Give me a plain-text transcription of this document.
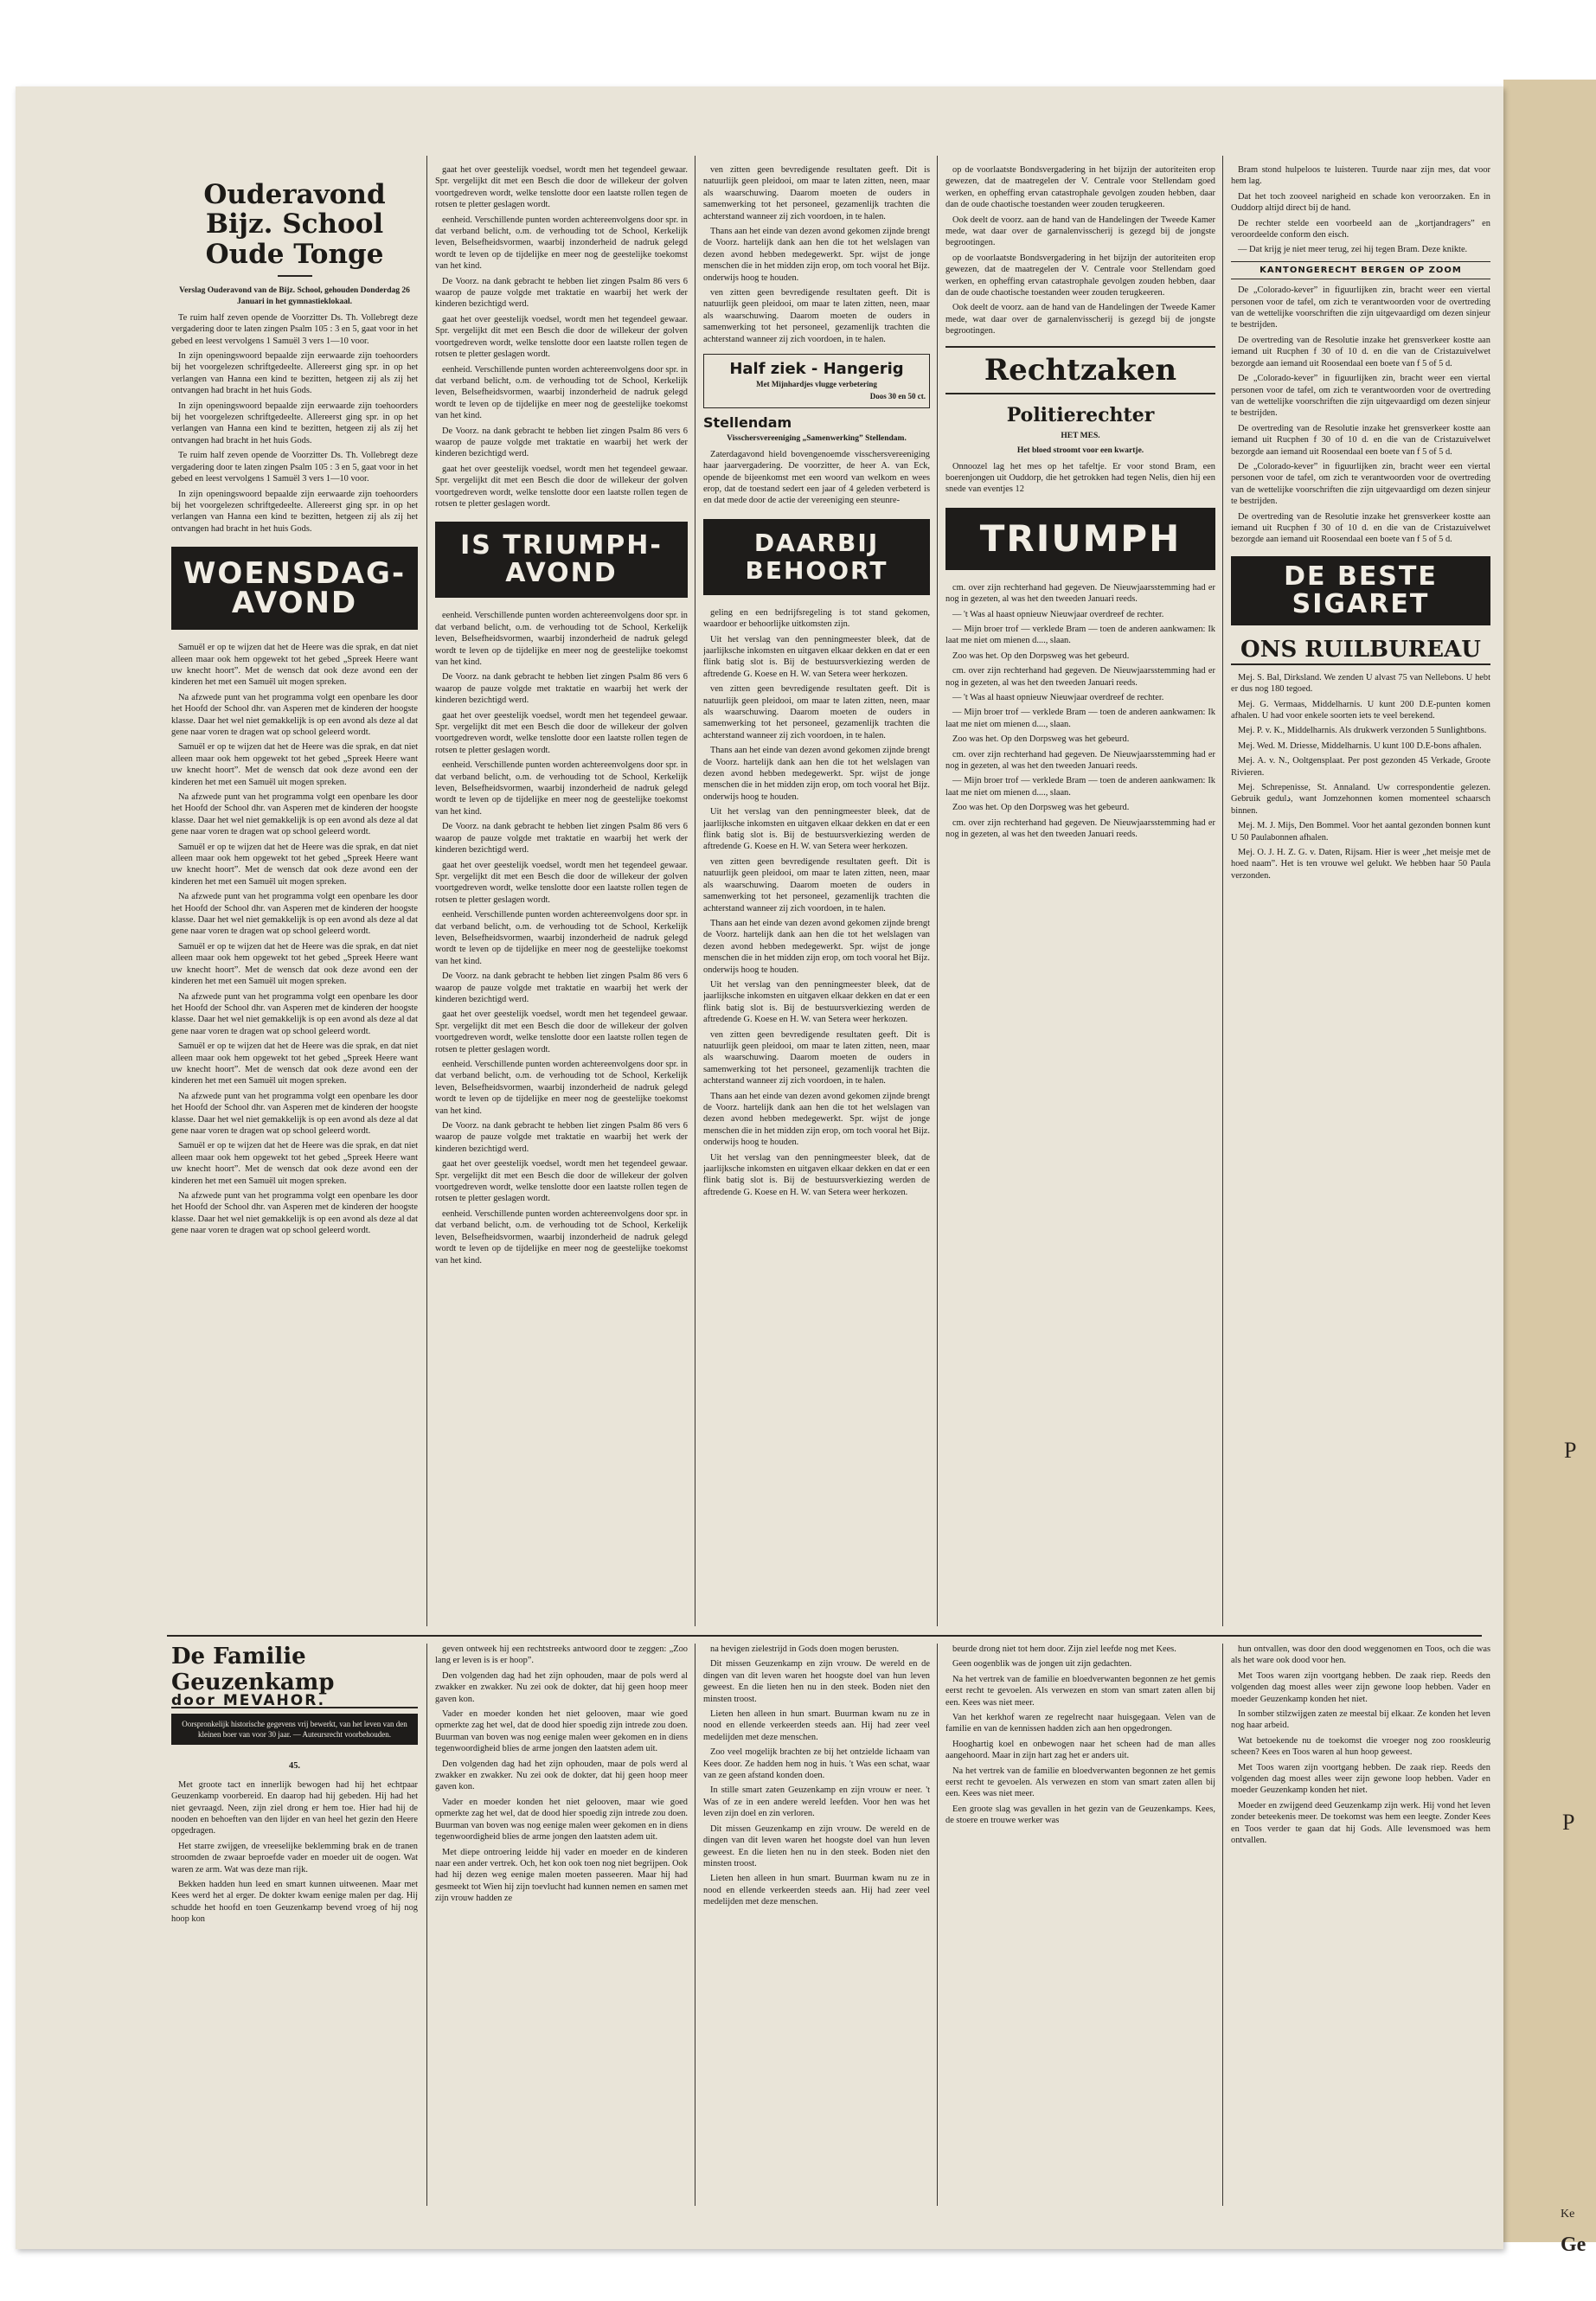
P
P
Ke
Ge
Ouderavond Bijz. School
Oude Tonge
Verslag Ouderavond van de Bijz. School, gehouden Donderdag 26 Januari in het gymnastieklokaal.

Te ruim half zeven opende de Voorzitter Ds. Th. Vollebregt deze vergadering door te laten zingen Psalm 105 : 3 en 5, gaat voor in het gebed en leest vervolgens 1 Samuël 3 vers 1—10 voor.

In zijn openingswoord bepaalde zijn eerwaarde zijn toehoorders bij het voorgelezen schriftgedeelte. Allereerst ging spr. in op het verlangen van Hanna een kind te bezitten, hetgeen zij als zij het ontvangen had bracht in het huis Gods.

In zijn openingswoord bepaalde zijn eerwaarde zijn toehoorders bij het voorgelezen schriftgedeelte. Allereerst ging spr. in op het verlangen van Hanna een kind te bezitten, hetgeen zij als zij het ontvangen had bracht in het huis Gods.

Te ruim half zeven opende de Voorzitter Ds. Th. Vollebregt deze vergadering door te laten zingen Psalm 105 : 3 en 5, gaat voor in het gebed en leest vervolgens 1 Samuël 3 vers 1—10 voor.

In zijn openingswoord bepaalde zijn eerwaarde zijn toehoorders bij het voorgelezen schriftgedeelte. Allereerst ging spr. in op het verlangen van Hanna een kind te bezitten, hetgeen zij als zij het ontvangen had bracht in het huis Gods.

WOENSDAG-AVOND

Samuël er op te wijzen dat het de Heere was die sprak, en dat niet alleen maar ook hem opgewekt tot het gebed „Spreek Heere want uw knecht hoort”. Met de wensch dat ook deze avond een der kinderen het met een Samuël uit mogen spreken.

Na afzwede punt van het programma volgt een openbare les door het Hoofd der School dhr. van Asperen met de kinderen der hoogste klasse. Daar het wel niet gemakkelijk is op een avond als deze al dat gene naar voren te dragen wat op school geleerd wordt.

Samuël er op te wijzen dat het de Heere was die sprak, en dat niet alleen maar ook hem opgewekt tot het gebed „Spreek Heere want uw knecht hoort”. Met de wensch dat ook deze avond een der kinderen het met een Samuël uit mogen spreken.

Na afzwede punt van het programma volgt een openbare les door het Hoofd der School dhr. van Asperen met de kinderen der hoogste klasse. Daar het wel niet gemakkelijk is op een avond als deze al dat gene naar voren te dragen wat op school geleerd wordt.

Samuël er op te wijzen dat het de Heere was die sprak, en dat niet alleen maar ook hem opgewekt tot het gebed „Spreek Heere want uw knecht hoort”. Met de wensch dat ook deze avond een der kinderen het met een Samuël uit mogen spreken.

Na afzwede punt van het programma volgt een openbare les door het Hoofd der School dhr. van Asperen met de kinderen der hoogste klasse. Daar het wel niet gemakkelijk is op een avond als deze al dat gene naar voren te dragen wat op school geleerd wordt.

Samuël er op te wijzen dat het de Heere was die sprak, en dat niet alleen maar ook hem opgewekt tot het gebed „Spreek Heere want uw knecht hoort”. Met de wensch dat ook deze avond een der kinderen het met een Samuël uit mogen spreken.

Na afzwede punt van het programma volgt een openbare les door het Hoofd der School dhr. van Asperen met de kinderen der hoogste klasse. Daar het wel niet gemakkelijk is op een avond als deze al dat gene naar voren te dragen wat op school geleerd wordt.

Samuël er op te wijzen dat het de Heere was die sprak, en dat niet alleen maar ook hem opgewekt tot het gebed „Spreek Heere want uw knecht hoort”. Met de wensch dat ook deze avond een der kinderen het met een Samuël uit mogen spreken.

Na afzwede punt van het programma volgt een openbare les door het Hoofd der School dhr. van Asperen met de kinderen der hoogste klasse. Daar het wel niet gemakkelijk is op een avond als deze al dat gene naar voren te dragen wat op school geleerd wordt.

Samuël er op te wijzen dat het de Heere was die sprak, en dat niet alleen maar ook hem opgewekt tot het gebed „Spreek Heere want uw knecht hoort”. Met de wensch dat ook deze avond een der kinderen het met een Samuël uit mogen spreken.

Na afzwede punt van het programma volgt een openbare les door het Hoofd der School dhr. van Asperen met de kinderen der hoogste klasse. Daar het wel niet gemakkelijk is op een avond als deze al dat gene naar voren te dragen wat op school geleerd wordt.

gaat het over geestelijk voedsel, wordt men het tegendeel gewaar. Spr. vergelijkt dit met een Besch die door de willekeur der golven voortgedreven wordt, welke tenslotte door een laatste rollen tegen de rotsen te pletter geslagen wordt.

eenheid. Verschillende punten worden achtereenvolgens door spr. in dat verband belicht, o.m. de verhouding tot de School, Kerkelijk leven, Belsefheidsvormen, waarbij inzonderheid de nadruk gelegd wordt te leven op de tijdelijke en meer nog de geestelijke toekomst van het kind.

De Voorz. na dank gebracht te hebben liet zingen Psalm 86 vers 6 waarop de pauze volgde met traktatie en waarbij het werk der kinderen bezichtigd werd.

gaat het over geestelijk voedsel, wordt men het tegendeel gewaar. Spr. vergelijkt dit met een Besch die door de willekeur der golven voortgedreven wordt, welke tenslotte door een laatste rollen tegen de rotsen te pletter geslagen wordt.

eenheid. Verschillende punten worden achtereenvolgens door spr. in dat verband belicht, o.m. de verhouding tot de School, Kerkelijk leven, Belsefheidsvormen, waarbij inzonderheid de nadruk gelegd wordt te leven op de tijdelijke en meer nog de geestelijke toekomst van het kind.

De Voorz. na dank gebracht te hebben liet zingen Psalm 86 vers 6 waarop de pauze volgde met traktatie en waarbij het werk der kinderen bezichtigd werd.

gaat het over geestelijk voedsel, wordt men het tegendeel gewaar. Spr. vergelijkt dit met een Besch die door de willekeur der golven voortgedreven wordt, welke tenslotte door een laatste rollen tegen de rotsen te pletter geslagen wordt.

IS TRIUMPH-AVOND

eenheid. Verschillende punten worden achtereenvolgens door spr. in dat verband belicht, o.m. de verhouding tot de School, Kerkelijk leven, Belsefheidsvormen, waarbij inzonderheid de nadruk gelegd wordt te leven op de tijdelijke en meer nog de geestelijke toekomst van het kind.

De Voorz. na dank gebracht te hebben liet zingen Psalm 86 vers 6 waarop de pauze volgde met traktatie en waarbij het werk der kinderen bezichtigd werd.

gaat het over geestelijk voedsel, wordt men het tegendeel gewaar. Spr. vergelijkt dit met een Besch die door de willekeur der golven voortgedreven wordt, welke tenslotte door een laatste rollen tegen de rotsen te pletter geslagen wordt.

eenheid. Verschillende punten worden achtereenvolgens door spr. in dat verband belicht, o.m. de verhouding tot de School, Kerkelijk leven, Belsefheidsvormen, waarbij inzonderheid de nadruk gelegd wordt te leven op de tijdelijke en meer nog de geestelijke toekomst van het kind.

De Voorz. na dank gebracht te hebben liet zingen Psalm 86 vers 6 waarop de pauze volgde met traktatie en waarbij het werk der kinderen bezichtigd werd.

gaat het over geestelijk voedsel, wordt men het tegendeel gewaar. Spr. vergelijkt dit met een Besch die door de willekeur der golven voortgedreven wordt, welke tenslotte door een laatste rollen tegen de rotsen te pletter geslagen wordt.

eenheid. Verschillende punten worden achtereenvolgens door spr. in dat verband belicht, o.m. de verhouding tot de School, Kerkelijk leven, Belsefheidsvormen, waarbij inzonderheid de nadruk gelegd wordt te leven op de tijdelijke en meer nog de geestelijke toekomst van het kind.

De Voorz. na dank gebracht te hebben liet zingen Psalm 86 vers 6 waarop de pauze volgde met traktatie en waarbij het werk der kinderen bezichtigd werd.

gaat het over geestelijk voedsel, wordt men het tegendeel gewaar. Spr. vergelijkt dit met een Besch die door de willekeur der golven voortgedreven wordt, welke tenslotte door een laatste rollen tegen de rotsen te pletter geslagen wordt.

eenheid. Verschillende punten worden achtereenvolgens door spr. in dat verband belicht, o.m. de verhouding tot de School, Kerkelijk leven, Belsefheidsvormen, waarbij inzonderheid de nadruk gelegd wordt te leven op de tijdelijke en meer nog de geestelijke toekomst van het kind.

De Voorz. na dank gebracht te hebben liet zingen Psalm 86 vers 6 waarop de pauze volgde met traktatie en waarbij het werk der kinderen bezichtigd werd.

gaat het over geestelijk voedsel, wordt men het tegendeel gewaar. Spr. vergelijkt dit met een Besch die door de willekeur der golven voortgedreven wordt, welke tenslotte door een laatste rollen tegen de rotsen te pletter geslagen wordt.

eenheid. Verschillende punten worden achtereenvolgens door spr. in dat verband belicht, o.m. de verhouding tot de School, Kerkelijk leven, Belsefheidsvormen, waarbij inzonderheid de nadruk gelegd wordt te leven op de tijdelijke en meer nog de geestelijke toekomst van het kind.

ven zitten geen bevredigende resultaten geeft. Dit is natuurlijk geen pleidooi, om maar te laten zitten, neen, maar als waarschuwing. Daarom moeten de ouders in samenwerking tot het personeel, gezamenlijk trachten die achterstand wanneer zij zich voordoen, in te halen.

Thans aan het einde van dezen avond gekomen zijnde brengt de Voorz. hartelijk dank aan hen die tot het welslagen van dezen avond hebben medegewerkt. Spr. wijst de jonge menschen die in het midden zijn erop, om toch vooral het Bijz. onderwijs hoog te houden.

ven zitten geen bevredigende resultaten geeft. Dit is natuurlijk geen pleidooi, om maar te laten zitten, neen, maar als waarschuwing. Daarom moeten de ouders in samenwerking tot het personeel, gezamenlijk trachten die achterstand wanneer zij zich voordoen, in te halen.

Half ziek - Hangerig
Met Mijnhardjes vlugge verbetering
Doos 30 en 50 ct.
Stellendam
Visschersvereeniging „Samenwerking” Stellendam.

Zaterdagavond hield bovengenoemde visschersvereeniging haar jaarvergadering. De voorzitter, de heer A. van Eck, opende de bijeenkomst met een woord van welkom en wees erop, dat de toestand sedert een jaar of 4 geleden verbeterd is en dat mede door de actie der vereeniging een steunre-

DAARBIJ BEHOORT

geling en een bedrijfsregeling is tot stand gekomen, waardoor er behoorlijke uitkomsten zijn.

Uit het verslag van den penningmeester bleek, dat de jaarlijksche inkomsten en uitgaven elkaar dekken en dat er een flink batig slot is. Bij de bestuursverkiezing werden de aftredende G. Koese en H. W. van Setera weer herkozen.

ven zitten geen bevredigende resultaten geeft. Dit is natuurlijk geen pleidooi, om maar te laten zitten, neen, maar als waarschuwing. Daarom moeten de ouders in samenwerking tot het personeel, gezamenlijk trachten die achterstand wanneer zij zich voordoen, in te halen.

Thans aan het einde van dezen avond gekomen zijnde brengt de Voorz. hartelijk dank aan hen die tot het welslagen van dezen avond hebben medegewerkt. Spr. wijst de jonge menschen die in het midden zijn erop, om toch vooral het Bijz. onderwijs hoog te houden.

Uit het verslag van den penningmeester bleek, dat de jaarlijksche inkomsten en uitgaven elkaar dekken en dat er een flink batig slot is. Bij de bestuursverkiezing werden de aftredende G. Koese en H. W. van Setera weer herkozen.

ven zitten geen bevredigende resultaten geeft. Dit is natuurlijk geen pleidooi, om maar te laten zitten, neen, maar als waarschuwing. Daarom moeten de ouders in samenwerking tot het personeel, gezamenlijk trachten die achterstand wanneer zij zich voordoen, in te halen.

Thans aan het einde van dezen avond gekomen zijnde brengt de Voorz. hartelijk dank aan hen die tot het welslagen van dezen avond hebben medegewerkt. Spr. wijst de jonge menschen die in het midden zijn erop, om toch vooral het Bijz. onderwijs hoog te houden.

Uit het verslag van den penningmeester bleek, dat de jaarlijksche inkomsten en uitgaven elkaar dekken en dat er een flink batig slot is. Bij de bestuursverkiezing werden de aftredende G. Koese en H. W. van Setera weer herkozen.

ven zitten geen bevredigende resultaten geeft. Dit is natuurlijk geen pleidooi, om maar te laten zitten, neen, maar als waarschuwing. Daarom moeten de ouders in samenwerking tot het personeel, gezamenlijk trachten die achterstand wanneer zij zich voordoen, in te halen.

Thans aan het einde van dezen avond gekomen zijnde brengt de Voorz. hartelijk dank aan hen die tot het welslagen van dezen avond hebben medegewerkt. Spr. wijst de jonge menschen die in het midden zijn erop, om toch vooral het Bijz. onderwijs hoog te houden.

Uit het verslag van den penningmeester bleek, dat de jaarlijksche inkomsten en uitgaven elkaar dekken en dat er een flink batig slot is. Bij de bestuursverkiezing werden de aftredende G. Koese en H. W. van Setera weer herkozen.

op de voorlaatste Bondsvergadering in het bijzijn der autoriteiten erop gewezen, dat de maatregelen der V. Centrale voor Stellendam goed werken, en opheffing ervan catastrophale gevolgen zouden hebben, daar dan de oude chaotische toestanden weer zouden terugkeeren.

Ook deelt de voorz. aan de hand van de Handelingen der Tweede Kamer mede, wat daar over de garnalenvisscherij is gezegd bij de jongste begrootingen.

op de voorlaatste Bondsvergadering in het bijzijn der autoriteiten erop gewezen, dat de maatregelen der V. Centrale voor Stellendam goed werken, en opheffing ervan catastrophale gevolgen zouden hebben, daar dan de oude chaotische toestanden weer zouden terugkeeren.

Ook deelt de voorz. aan de hand van de Handelingen der Tweede Kamer mede, wat daar over de garnalenvisscherij is gezegd bij de jongste begrootingen.

Rechtzaken
Politierechter
HET MES.
Het bloed stroomt voor een kwartje.

Onnoozel lag het mes op het tafeltje. Er voor stond Bram, een boerenjongen uit Ouddorp, die het getrokken had tegen Nelis, dien hij een snede van eventjes 12

TRIUMPH

cm. over zijn rechterhand had gegeven. De Nieuwjaarsstemming had er nog in gezeten, al was het den tweeden Januari reeds.

— 't Was al haast opnieuw Nieuwjaar overdreef de rechter.

— Mijn broer trof — verklede Bram — toen de anderen aankwamen: Ik laat me niet om mienen d...., slaan.

Zoo was het. Op den Dorpsweg was het gebeurd.

cm. over zijn rechterhand had gegeven. De Nieuwjaarsstemming had er nog in gezeten, al was het den tweeden Januari reeds.

— 't Was al haast opnieuw Nieuwjaar overdreef de rechter.

— Mijn broer trof — verklede Bram — toen de anderen aankwamen: Ik laat me niet om mienen d...., slaan.

Zoo was het. Op den Dorpsweg was het gebeurd.

cm. over zijn rechterhand had gegeven. De Nieuwjaarsstemming had er nog in gezeten, al was het den tweeden Januari reeds.

— Mijn broer trof — verklede Bram — toen de anderen aankwamen: Ik laat me niet om mienen d...., slaan.

Zoo was het. Op den Dorpsweg was het gebeurd.

cm. over zijn rechterhand had gegeven. De Nieuwjaarsstemming had er nog in gezeten, al was het den tweeden Januari reeds.

Bram stond hulpeloos te luisteren. Tuurde naar zijn mes, dat voor hem lag.

Dat het toch zooveel narigheid en schade kon veroorzaken. En in Ouddorp altijd direct bij de hand.

De rechter stelde een voorbeeld aan de „kortjandragers” en veroordeelde conform den eisch.

— Dat krijg je niet meer terug, zei hij tegen Bram. Deze knikte.

KANTONGERECHT BERGEN OP ZOOM

De „Colorado-kever” in figuurlijken zin, bracht weer een viertal personen voor de tafel, om zich te verantwoorden voor de overtreding van de wettelijke voorschriften die zijn uitgevaardigd om dezen sinjeur te bestrijden.

De overtreding van de Resolutie inzake het grensverkeer kostte aan iemand uit Rucphen f 30 of 10 d. en die van de Cristazuivelwet bezorgde aan iemand uit Roosendaal een boete van f 5 of 5 d.

De „Colorado-kever” in figuurlijken zin, bracht weer een viertal personen voor de tafel, om zich te verantwoorden voor de overtreding van de wettelijke voorschriften die zijn uitgevaardigd om dezen sinjeur te bestrijden.

De overtreding van de Resolutie inzake het grensverkeer kostte aan iemand uit Rucphen f 30 of 10 d. en die van de Cristazuivelwet bezorgde aan iemand uit Roosendaal een boete van f 5 of 5 d.

De „Colorado-kever” in figuurlijken zin, bracht weer een viertal personen voor de tafel, om zich te verantwoorden voor de overtreding van de wettelijke voorschriften die zijn uitgevaardigd om dezen sinjeur te bestrijden.

De overtreding van de Resolutie inzake het grensverkeer kostte aan iemand uit Rucphen f 30 of 10 d. en die van de Cristazuivelwet bezorgde aan iemand uit Roosendaal een boete van f 5 of 5 d.

DE BESTE
SIGARET
ONS RUILBUREAU

Mej. S. Bal, Dirksland. We zenden U alvast 75 van Nellebons. U hebt er dus nog 180 tegoed.

Mej. G. Vermaas, Middelharnis. U kunt 200 D.E-punten komen afhalen. U had voor enkele soorten iets te veel berekend.

Mej. P. v. K., Middelharnis. Als drukwerk verzonden 5 Sunlightbons.

Mej. Wed. M. Driesse, Middelharnis. U kunt 100 D.E-bons afhalen.

Mej. A. v. N., Ooltgensplaat. Per post gezonden 45 Verkade, Groote Rivieren.

Mej. Schrepenisse, St. Annaland. Uw correspondentie gelezen. Gebruik gedulد, want Jomzehonnen komen momenteel schaarsch binnen.

Mej. M. J. Mijs, Den Bommel. Voor het aantal gezonden bonnen kunt U 50 Paulabonnen afhalen.

Mej. O. J. H. Z. G. v. Daten, Rijsam. Hier is weer „het meisje met de hoed naam”. Het is ten vrouwe wel gelukt. We hebben haar 50 Paula verzonden.

De Familie Geuzenkamp
door MEVAHOR.
Oorspronkelijk historische gegevens vrij bewerkt, van het leven van den kleinen boer van voor 30 jaar. — Auteursrecht voorbehouden.
45.

Met groote tact en innerlijk bewogen had hij het echtpaar Geuzenkamp voorbereid. En daarop had hij gebeden. Hij had het niet gevraagd. Neen, zijn ziel drong er hem toe. Hier had hij de nooden en behoeften van den lijder en van heel het gezin den Heere opgedragen.

Het starre zwijgen, de vreeselijke beklemming brak en de tranen stroomden de zwaar beproefde vader en moeder uit de oogen. Wat waren ze arm. Wat was deze man rijk.

Bekken hadden hun leed en smart kunnen uitweenen. Maar met Kees werd het al erger. De dokter kwam eenige malen per dag. Hij schudde het hoofd en toen Geuzenkamp bevend vroeg of hij nog hoop kon

geven ontweek hij een rechtstreeks antwoord door te zeggen: „Zoo lang er leven is is er hoop”.

Den volgenden dag had het zijn ophouden, maar de pols werd al zwakker en zwakker. Nu zei ook de dokter, dat hij geen hoop meer gaven kon.

Vader en moeder konden het niet gelooven, maar wie goed opmerkte zag het wel, dat de dood hier spoedig zijn intrede zou doen. Buurman van boven was nog eenige malen weer gekomen en in diens tegenwoordigheid blies de arme jongen den laatsten adem uit.

Den volgenden dag had het zijn ophouden, maar de pols werd al zwakker en zwakker. Nu zei ook de dokter, dat hij geen hoop meer gaven kon.

Vader en moeder konden het niet gelooven, maar wie goed opmerkte zag het wel, dat de dood hier spoedig zijn intrede zou doen. Buurman van boven was nog eenige malen weer gekomen en in diens tegenwoordigheid blies de arme jongen den laatsten adem uit.

Met diepe ontroering leidde hij vader en moeder en de kinderen naar een ander vertrek. Och, het kon ook toen nog niet begrijpen. Ook had hij dezen weg eenige malen moeten passeeren. Maar hij had gesmeekt tot Wien hij zijn toevlucht had kunnen nemen en samen met zijn vrouw hadden ze

na hevigen zielestrijd in Gods doen mogen berusten.

Dit missen Geuzenkamp en zijn vrouw. De wereld en de dingen van dit leven waren het hoogste doel van hun leven geweest. En die lieten hen nu in den steek. Boden niet den minsten troost.

Lieten hen alleen in hun smart. Buurman kwam nu ze in nood en ellende verkeerden steeds aan. Hij had zeer veel medelijden met deze menschen.

Zoo veel mogelijk brachten ze bij het ontzielde lichaam van Kees door. Ze hadden hem nog in huis. 't Was een schat, waar van ze geen afstand konden doen.

In stille smart zaten Geuzenkamp en zijn vrouw er neer. 't Was of ze in een andere wereld leefden. Voor hen was het leven zijn doel en zin verloren.

Dit missen Geuzenkamp en zijn vrouw. De wereld en de dingen van dit leven waren het hoogste doel van hun leven geweest. En die lieten hen nu in den steek. Boden niet den minsten troost.

Lieten hen alleen in hun smart. Buurman kwam nu ze in nood en ellende verkeerden steeds aan. Hij had zeer veel medelijden met deze menschen.

beurde drong niet tot hem door. Zijn ziel leefde nog met Kees.

Geen oogenblik was de jongen uit zijn gedachten.

Na het vertrek van de familie en bloedverwanten begonnen ze het gemis eerst recht te gevoelen. Als verwezen en stom van smart zaten allen bij een. Kees was niet meer.

Van het kerkhof waren ze regelrecht naar huisgegaan. Velen van de familie en van de kennissen hadden zich aan hen opgedrongen.

Hooghartig koel en onbewogen naar het scheen had de man alles aangehoord. Maar in zijn hart zag het er anders uit.

Na het vertrek van de familie en bloedverwanten begonnen ze het gemis eerst recht te gevoelen. Als verwezen en stom van smart zaten allen bij een. Kees was niet meer.

Een groote slag was gevallen in het gezin van de Geuzenkamps. Kees, de stoere en trouwe werker was

hun ontvallen, was door den dood weggenomen en Toos, och die was als het ware ook dood voor hen.

Met Toos waren zijn voortgang hebben. De zaak riep. Reeds den volgenden dag moest alles weer zijn gewone loop hebben. Vader en moeder Geuzenkamp konden het niet.

In somber stilzwijgen zaten ze meestal bij elkaar. Ze konden het leven nog haar arbeid.

Wat betoekende nu de toekomst die vroeger nog zoo rooskleurig scheen? Kees en Toos waren al hun hoop geweest.

Met Toos waren zijn voortgang hebben. De zaak riep. Reeds den volgenden dag moest alles weer zijn gewone loop hebben. Vader en moeder Geuzenkamp konden het niet.

Moeder en zwijgend deed Geuzenkamp zijn werk. Hij vond het leven zonder beteekenis meer. De toekomst was hem een leegte. Zonder Kees en Toos verder te gaan dat hij Gods. Alle levensmoed was hem ontvallen.
